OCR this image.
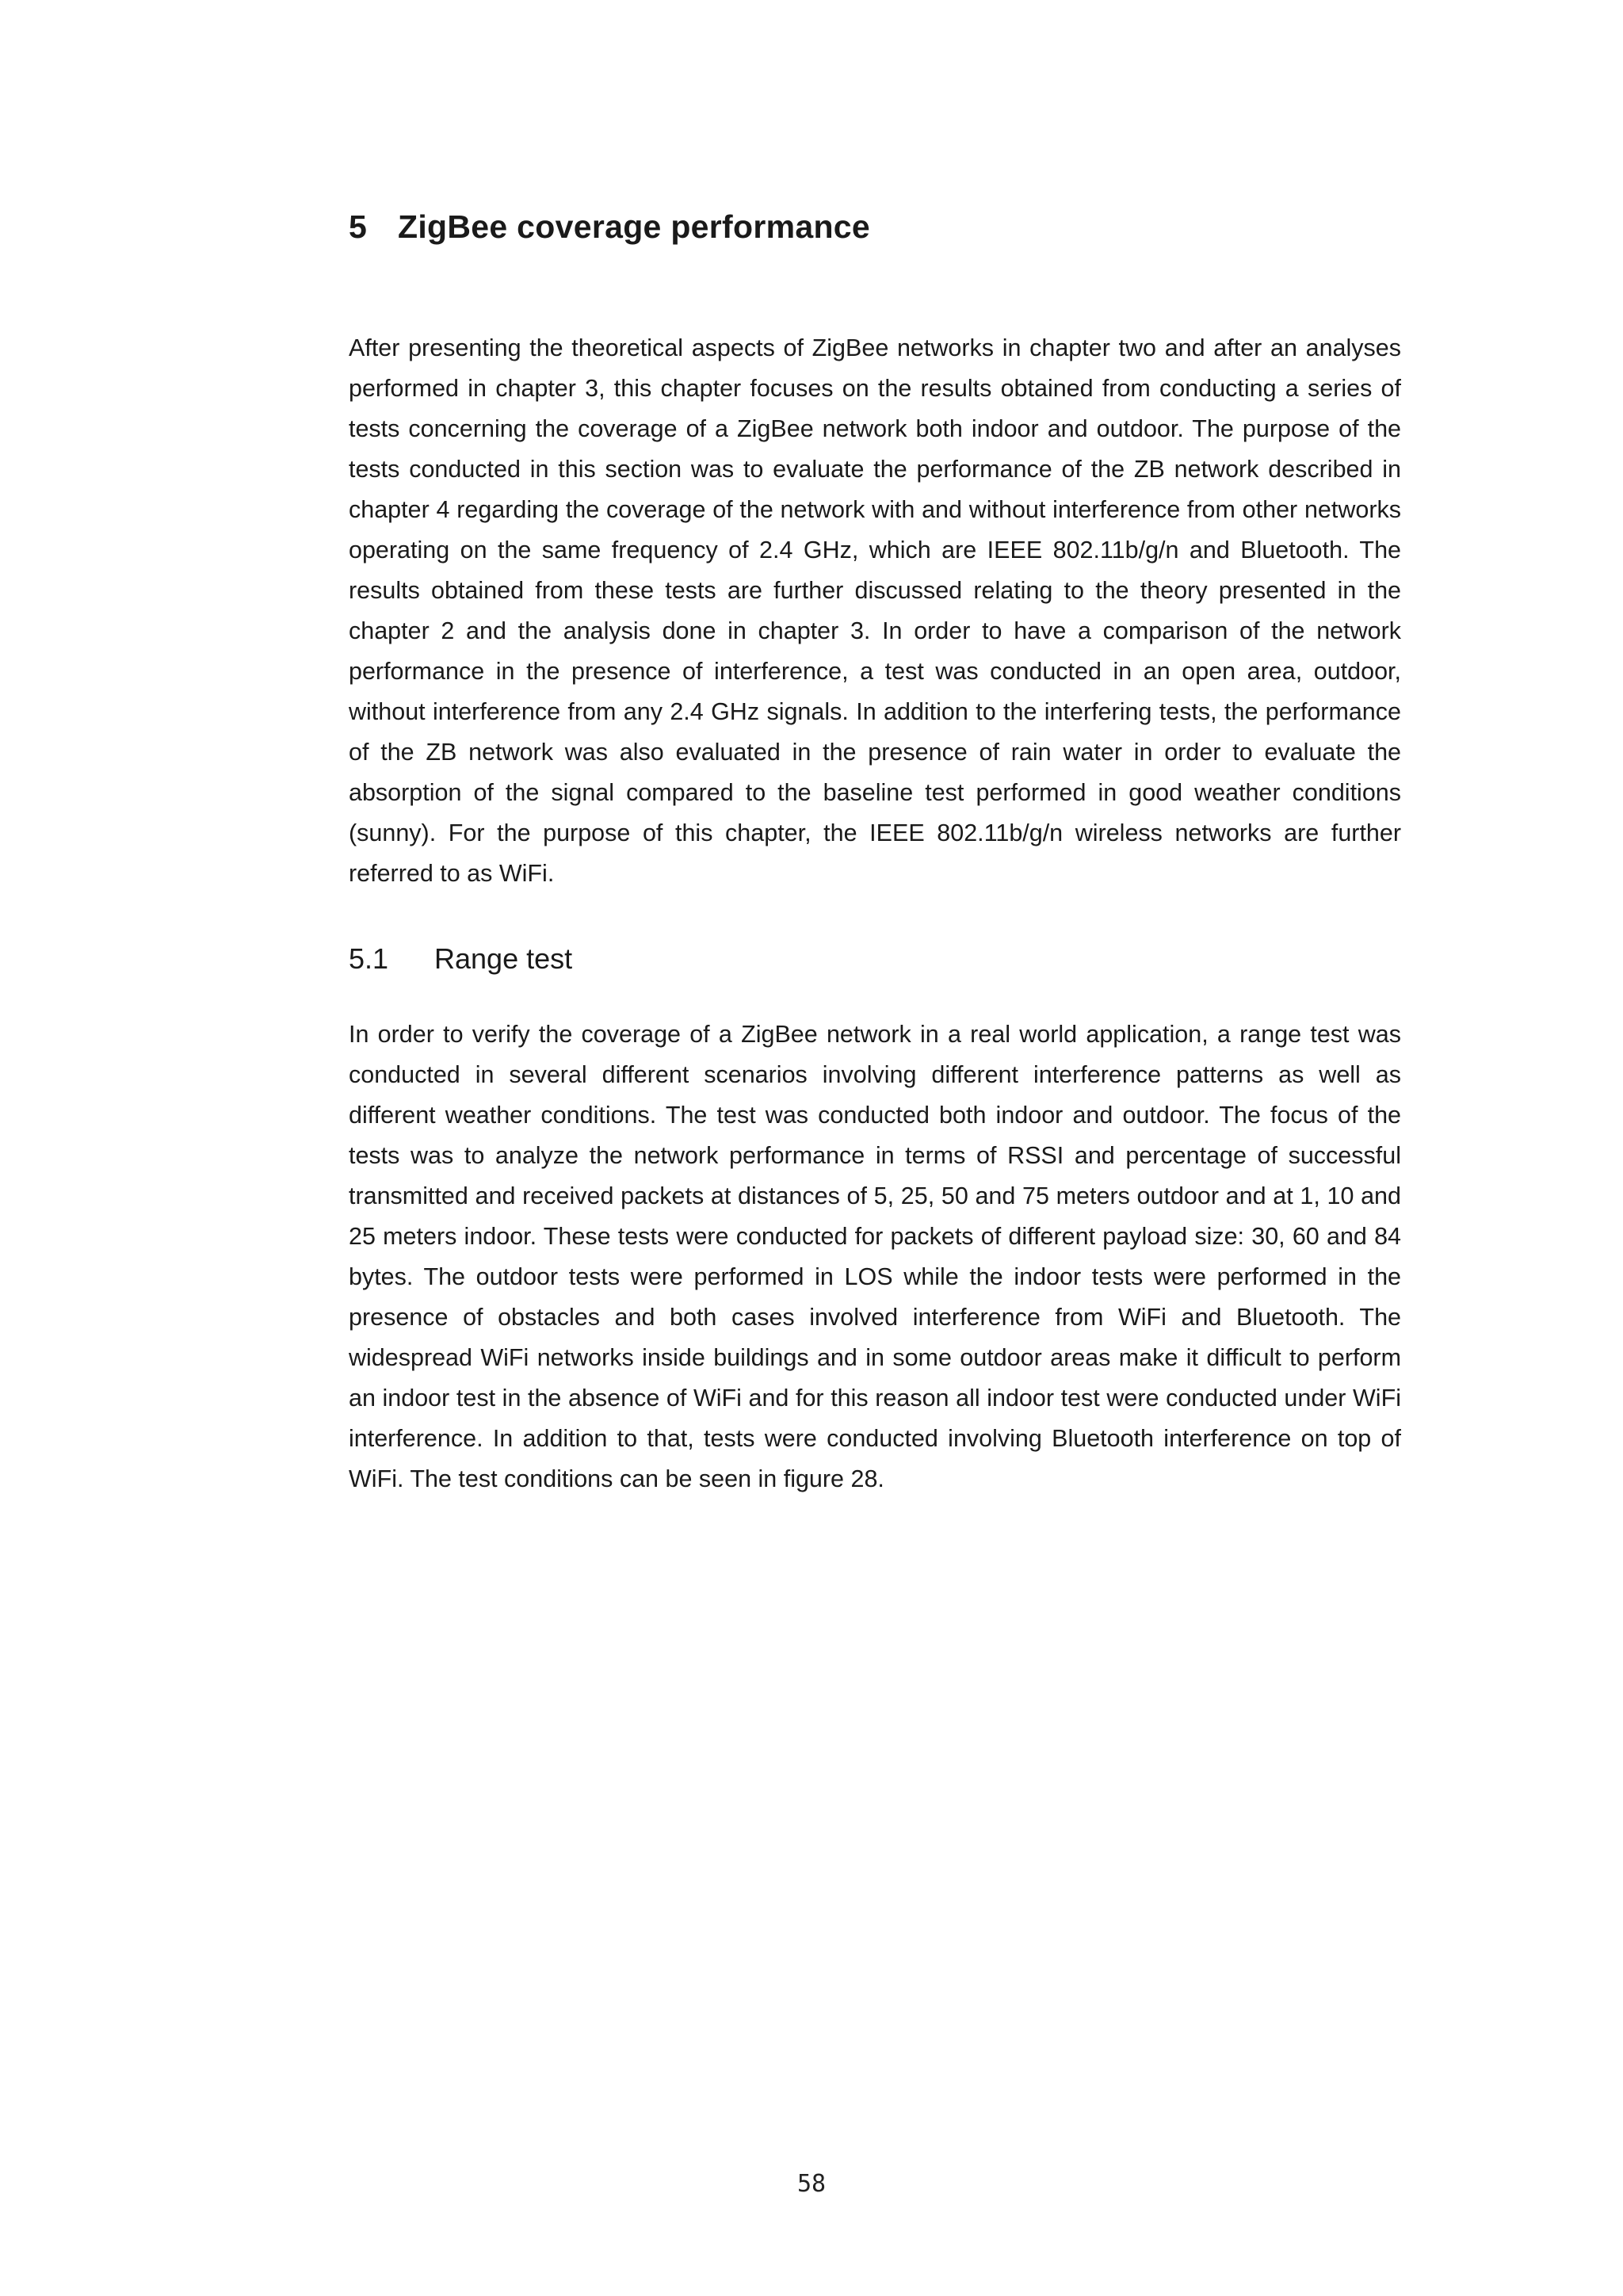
5 ZigBee coverage performance

After presenting the theoretical aspects of ZigBee networks in chapter two and after an analyses performed in chapter 3, this chapter focuses on the results obtained from conducting a series of tests concerning the coverage of a ZigBee network both indoor and outdoor. The purpose of the tests conducted in this section was to evaluate the performance of the ZB network described in chapter 4 regarding the coverage of the network with and without interference from other networks operating on the same frequency of 2.4 GHz, which are IEEE 802.11b/g/n and Bluetooth. The results obtained from these tests are further discussed relating to the theory presented in the chapter 2 and the analysis done in chapter 3. In order to have a comparison of the network performance in the presence of interference, a test was conducted in an open area, outdoor, without interference from any 2.4 GHz signals. In addition to the interfering tests, the performance of the ZB network was also evaluated in the presence of rain water in order to evaluate the absorption of the signal compared to the baseline test performed in good weather conditions (sunny). For the purpose of this chapter, the IEEE 802.11b/g/n wireless networks are further referred to as WiFi.

5.1 Range test

In order to verify the coverage of a ZigBee network in a real world application, a range test was conducted in several different scenarios involving different interference patterns as well as different weather conditions. The test was conducted both indoor and outdoor. The focus of the tests was to analyze the network performance in terms of RSSI and percentage of successful transmitted and received packets at distances of 5, 25, 50 and 75 meters outdoor and at 1, 10 and 25 meters indoor. These tests were conducted for packets of different payload size: 30, 60 and 84 bytes. The outdoor tests were performed in LOS while the indoor tests were performed in the presence of obstacles and both cases involved interference from WiFi and Bluetooth. The widespread WiFi networks inside buildings and in some outdoor areas make it difficult to perform an indoor test in the absence of WiFi and for this reason all indoor test were conducted under WiFi interference. In addition to that, tests were conducted involving Bluetooth interference on top of WiFi. The test conditions can be seen in figure 28.

58
